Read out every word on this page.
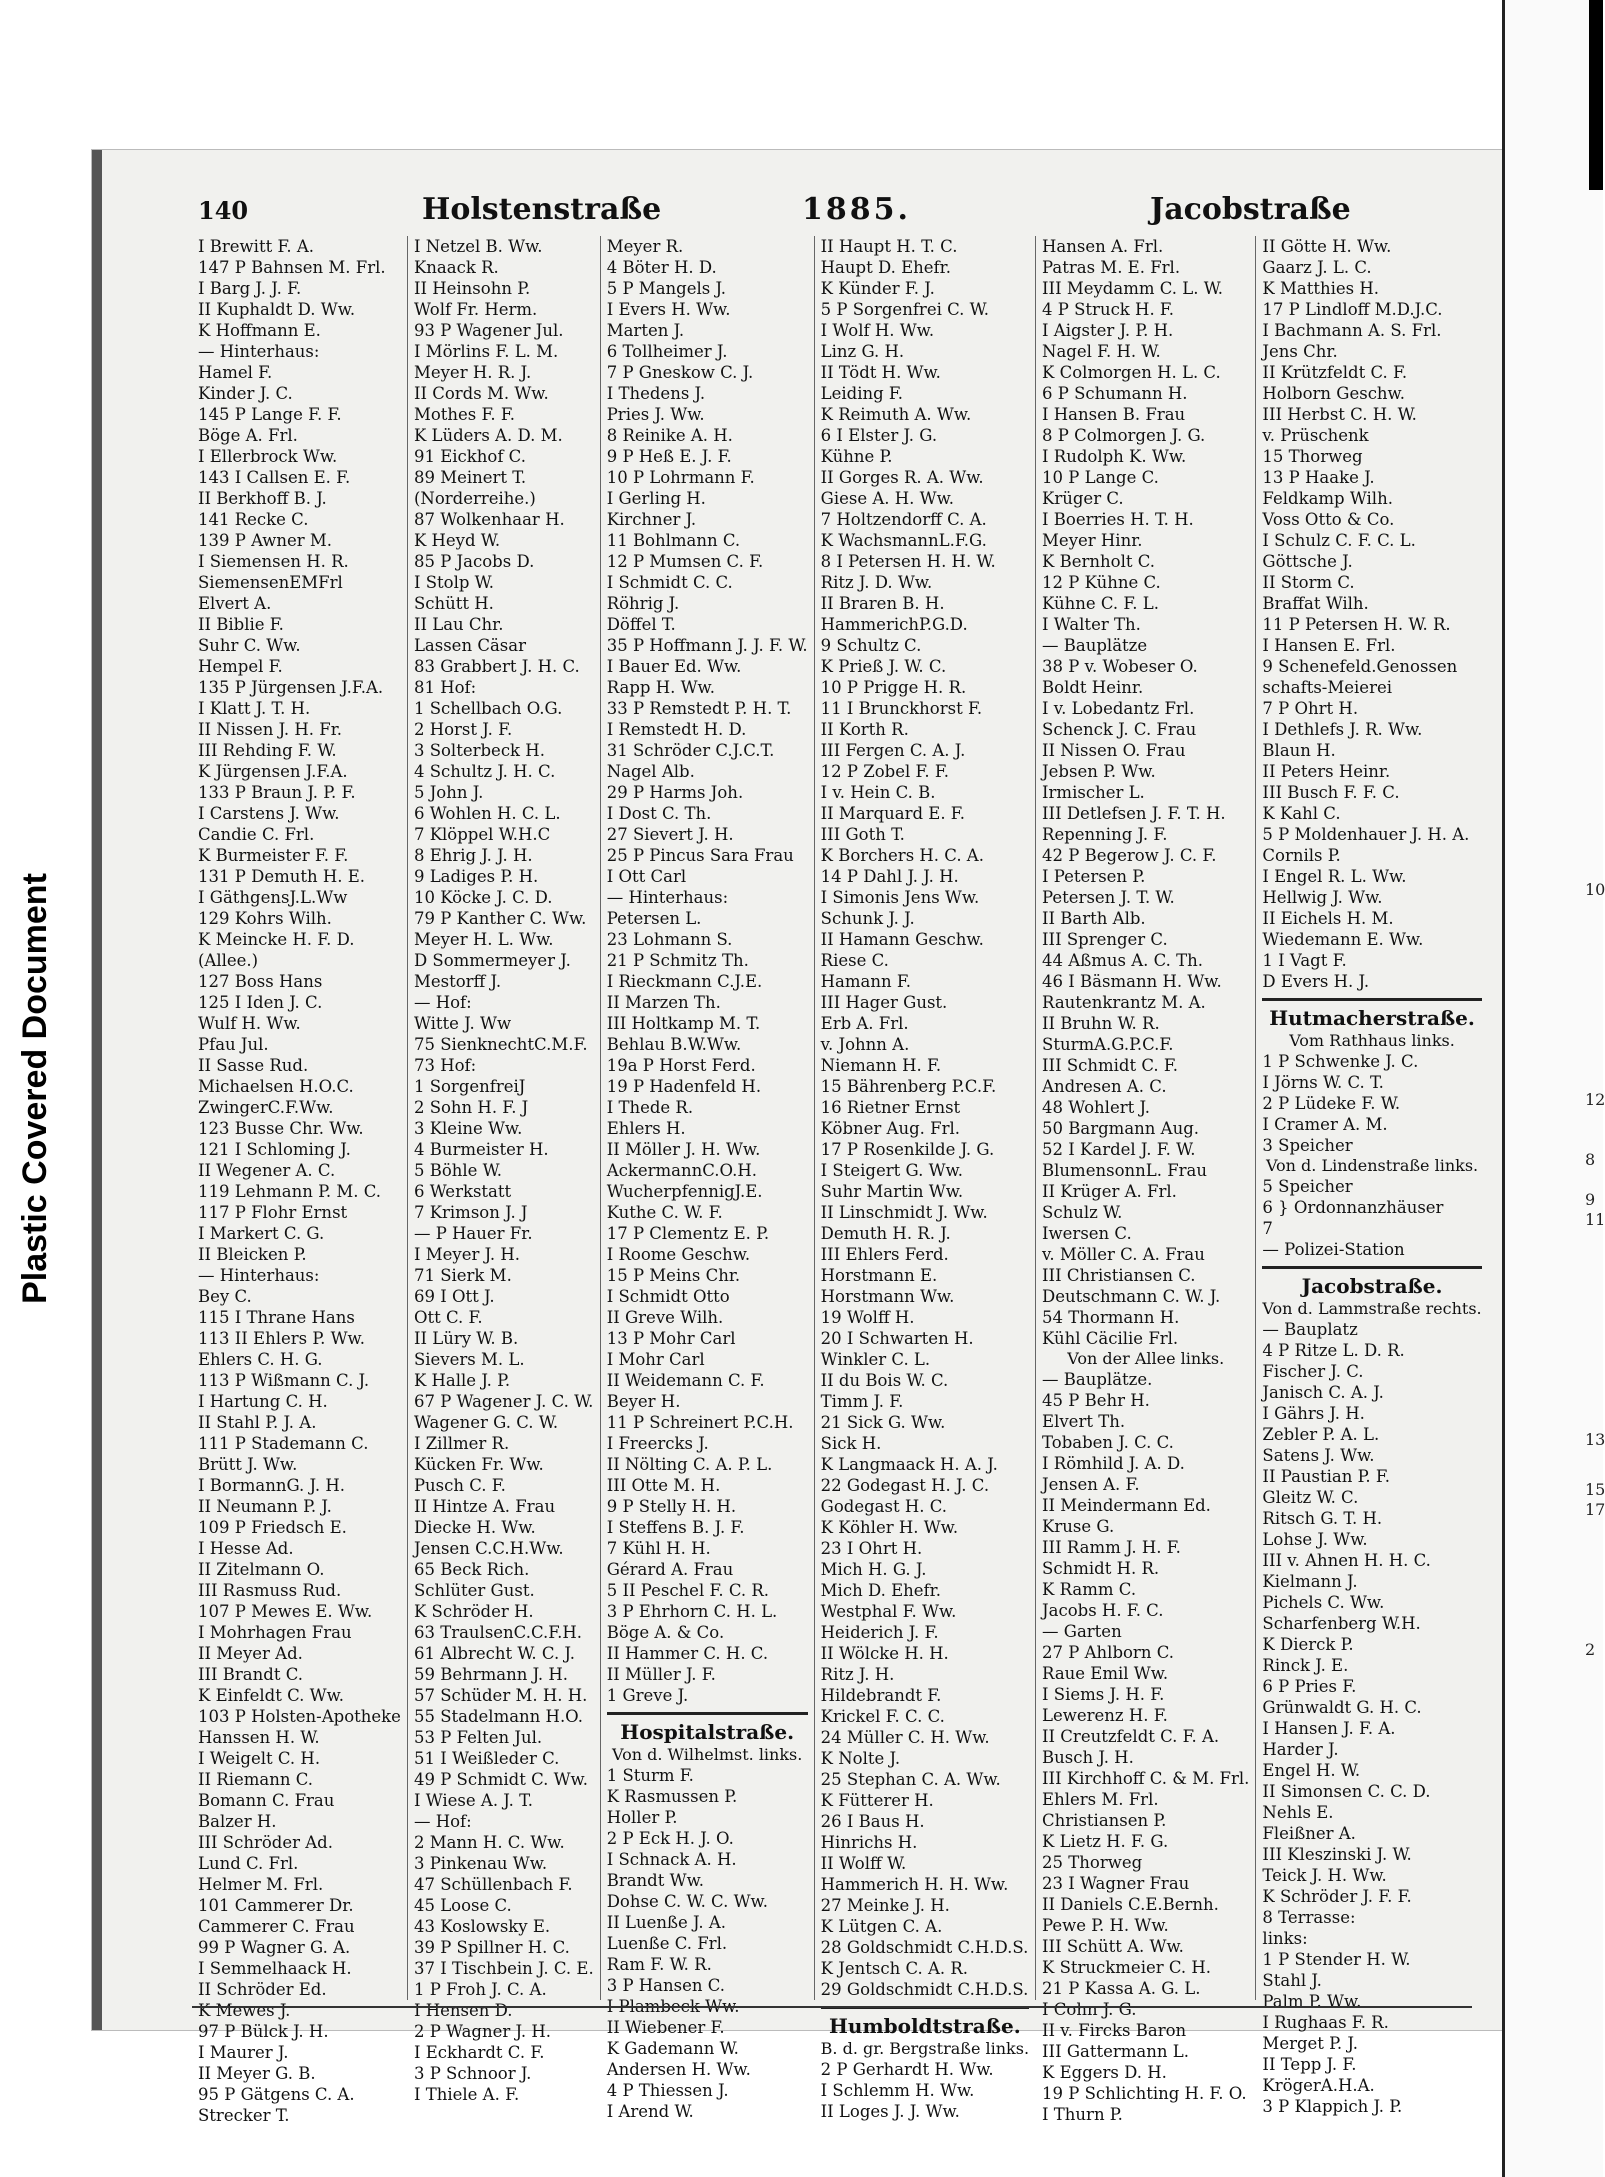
Plastic Covered Document
140	Holstenstraße	1885.	Jacobstraße
I Brewitt F. A.
147 P Bahnsen M. Frl.
I Barg J. J. F.
II Kuphaldt D. Ww.
K Hoffmann E.
— Hinterhaus:
Hamel F.
Kinder J. C.
145 P Lange F. F.
Böge A. Frl.
I Ellerbrock Ww.
143 I Callsen E. F.
II Berkhoff B. J.
141 Recke C.
139 P Awner M.
I Siemensen H. R.
SiemensenEMFrl
Elvert A.
II Biblie F.
Suhr C. Ww.
Hempel F.
135 P Jürgensen J.F.A.
I Klatt J. T. H.
II Nissen J. H. Fr.
III Rehding F. W.
K Jürgensen J.F.A.
133 P Braun J. P. F.
I Carstens J. Ww.
Candie C. Frl.
K Burmeister F. F.
131 P Demuth H. E.
I GäthgensJ.L.Ww
129 Kohrs Wilh.
K Meincke H. F. D.
(Allee.)
127 Boss Hans
125 I Iden J. C.
Wulf H. Ww.
Pfau Jul.
II Sasse Rud.
Michaelsen H.O.C.
ZwingerC.F.Ww.
123 Busse Chr. Ww.
121 I Schloming J.
II Wegener A. C.
119 Lehmann P. M. C.
117 P Flohr Ernst
I Markert C. G.
II Bleicken P.
— Hinterhaus:
Bey C.
115 I Thrane Hans
113 II Ehlers P. Ww.
Ehlers C. H. G.
113 P Wißmann C. J.
I Hartung C. H.
II Stahl P. J. A.
111 P Stademann C.
Brütt J. Ww.
I BormannG. J. H.
II Neumann P. J.
109 P Friedsch E.
I Hesse Ad.
II Zitelmann O.
III Rasmuss Rud.
107 P Mewes E. Ww.
I Mohrhagen Frau
II Meyer Ad.
III Brandt C.
K Einfeldt C. Ww.
103 P Holsten-Apotheke
Hanssen H. W.
I Weigelt C. H.
II Riemann C.
Bomann C. Frau
Balzer H.
III Schröder Ad.
Lund C. Frl.
Helmer M. Frl.
101 Cammerer Dr.
Cammerer C. Frau
99 P Wagner G. A.
I Semmelhaack H.
II Schröder Ed.
K Mewes J.
97 P Bülck J. H.
I Maurer J.
II Meyer G. B.
95 P Gätgens C. A.
Strecker T.
I Netzel B. Ww.
Knaack R.
II Heinsohn P.
Wolf Fr. Herm.
93 P Wagener Jul.
I Mörlins F. L. M.
Meyer H. R. J.
II Cords M. Ww.
Mothes F. F.
K Lüders A. D. M.
91 Eickhof C.
89 Meinert T.
(Norderreihe.)
87 Wolkenhaar H.
K Heyd W.
85 P Jacobs D.
I Stolp W.
Schütt H.
II Lau Chr.
Lassen Cäsar
83 Grabbert J. H. C.
81 Hof:
1 Schellbach O.G.
2 Horst J. F.
3 Solterbeck H.
4 Schultz J. H. C.
5 John J.
6 Wohlen H. C. L.
7 Klöppel W.H.C
8 Ehrig J. J. H.
9 Ladiges P. H.
10 Köcke J. C. D.
79 P Kanther C. Ww.
Meyer H. L. Ww.
D Sommermeyer J.
Mestorff J.
— Hof:
Witte J. Ww
75 SienknechtC.M.F.
73 Hof:
1 SorgenfreiJ
2 Sohn H. F. J
3 Kleine Ww.
4 Burmeister H.
5 Böhle W.
6 Werkstatt
7 Krimson J. J
— P Hauer Fr.
I Meyer J. H.
71 Sierk M.
69 I Ott J.
Ott C. F.
II Lüry W. B.
Sievers M. L.
K Halle J. P.
67 P Wagener J. C. W.
Wagener G. C. W.
I Zillmer R.
Kücken Fr. Ww.
Pusch C. F.
II Hintze A. Frau
Diecke H. Ww.
Jensen C.C.H.Ww.
65 Beck Rich.
Schlüter Gust.
K Schröder H.
63 TraulsenC.C.F.H.
61 Albrecht W. C. J.
59 Behrmann J. H.
57 Schüder M. H. H.
55 Stadelmann H.O.
53 P Felten Jul.
51 I Weißleder C.
49 P Schmidt C. Ww.
I Wiese A. J. T.
— Hof:
2 Mann H. C. Ww.
3 Pinkenau Ww.
47 Schüllenbach F.
45 Loose C.
43 Koslowsky E.
39 P Spillner H. C.
37 I Tischbein J. C. E.
1 P Froh J. C. A.
I Hensen D.
2 P Wagner J. H.
I Eckhardt C. F.
3 P Schnoor J.
I Thiele A. F.
Meyer R.
4 Böter H. D.
5 P Mangels J.
I Evers H. Ww.
Marten J.
6 Tollheimer J.
7 P Gneskow C. J.
I Thedens J.
Pries J. Ww.
8 Reinike A. H.
9 P Heß E. J. F.
10 P Lohrmann F.
I Gerling H.
Kirchner J.
11 Bohlmann C.
12 P Mumsen C. F.
I Schmidt C. C.
Röhrig J.
Döffel T.
35 P Hoffmann J. J. F. W.
I Bauer Ed. Ww.
Rapp H. Ww.
33 P Remstedt P. H. T.
I Remstedt H. D.
31 Schröder C.J.C.T.
Nagel Alb.
29 P Harms Joh.
I Dost C. Th.
27 Sievert J. H.
25 P Pincus Sara Frau
I Ott Carl
— Hinterhaus:
Petersen L.
23 Lohmann S.
21 P Schmitz Th.
I Rieckmann C.J.E.
II Marzen Th.
III Holtkamp M. T.
Behlau B.W.Ww.
19a P Horst Ferd.
19 P Hadenfeld H.
I Thede R.
Ehlers H.
II Möller J. H. Ww.
AckermannC.O.H.
WucherpfennigJ.E.
Kuthe C. W. F.
17 P Clementz E. P.
I Roome Geschw.
15 P Meins Chr.
I Schmidt Otto
II Greve Wilh.
13 P Mohr Carl
I Mohr Carl
II Weidemann C. F.
Beyer H.
11 P Schreinert P.C.H.
I Freercks J.
II Nölting C. A. P. L.
III Otte M. H.
9 P Stelly H. H.
I Steffens B. J. F.
7 Kühl H. H.
Gérard A. Frau
5 II Peschel F. C. R.
3 P Ehrhorn C. H. L.
Böge A. & Co.
II Hammer C. H. C.
II Müller J. F.
1 Greve J.
Hospitalstraße.
Von d. Wilhelmst. links.
1 Sturm F.
K Rasmussen P.
Holler P.
2 P Eck H. J. O.
I Schnack A. H.
Brandt Ww.
Dohse C. W. C. Ww.
II Luenße J. A.
Luenße C. Frl.
Ram F. W. R.
3 P Hansen C.
I Plambeck Ww.
II Wiebener F.
K Gademann W.
Andersen H. Ww.
4 P Thiessen J.
I Arend W.
II Haupt H. T. C.
Haupt D. Ehefr.
K Künder F. J.
5 P Sorgenfrei C. W.
I Wolf H. Ww.
Linz G. H.
II Tödt H. Ww.
Leiding F.
K Reimuth A. Ww.
6 I Elster J. G.
Kühne P.
II Gorges R. A. Ww.
Giese A. H. Ww.
7 Holtzendorff C. A.
K WachsmannL.F.G.
8 I Petersen H. H. W.
Ritz J. D. Ww.
II Braren B. H.
HammerichP.G.D.
9 Schultz C.
K Prieß J. W. C.
10 P Prigge H. R.
11 I Brunckhorst F.
II Korth R.
III Fergen C. A. J.
12 P Zobel F. F.
I v. Hein C. B.
II Marquard E. F.
III Goth T.
K Borchers H. C. A.
14 P Dahl J. J. H.
I Simonis Jens Ww.
Schunk J. J.
II Hamann Geschw.
Riese C.
Hamann F.
III Hager Gust.
Erb A. Frl.
v. Johnn A.
Niemann H. F.
15 Bährenberg P.C.F.
16 Rietner Ernst
Köbner Aug. Frl.
17 P Rosenkilde J. G.
I Steigert G. Ww.
Suhr Martin Ww.
II Linschmidt J. Ww.
Demuth H. R. J.
III Ehlers Ferd.
Horstmann E.
Horstmann Ww.
19 Wolff H.
20 I Schwarten H.
Winkler C. L.
II du Bois W. C.
Timm J. F.
21 Sick G. Ww.
Sick H.
K Langmaack H. A. J.
22 Godegast H. J. C.
Godegast H. C.
K Köhler H. Ww.
23 I Ohrt H.
Mich H. G. J.
Mich D. Ehefr.
Westphal F. Ww.
Heiderich J. F.
II Wölcke H. H.
Ritz J. H.
Hildebrandt F.
Krickel F. C. C.
24 Müller C. H. Ww.
K Nolte J.
25 Stephan C. A. Ww.
K Fütterer H.
26 I Baus H.
Hinrichs H.
II Wolff W.
Hammerich H. H. Ww.
27 Meinke J. H.
K Lütgen C. A.
28 Goldschmidt C.H.D.S.
K Jentsch C. A. R.
29 Goldschmidt C.H.D.S.
Humboldtstraße.
B. d. gr. Bergstraße links.
2 P Gerhardt H. Ww.
I Schlemm H. Ww.
II Loges J. J. Ww.
Hansen A. Frl.
Patras M. E. Frl.
III Meydamm C. L. W.
4 P Struck H. F.
I Aigster J. P. H.
Nagel F. H. W.
K Colmorgen H. L. C.
6 P Schumann H.
I Hansen B. Frau
8 P Colmorgen J. G.
I Rudolph K. Ww.
10 P Lange C.
Krüger C.
I Boerries H. T. H.
Meyer Hinr.
K Bernholt C.
12 P Kühne C.
Kühne C. F. L.
I Walter Th.
— Bauplätze
38 P v. Wobeser O.
Boldt Heinr.
I v. Lobedantz Frl.
Schenck J. C. Frau
II Nissen O. Frau
Jebsen P. Ww.
Irmischer L.
III Detlefsen J. F. T. H.
Repenning J. F.
42 P Begerow J. C. F.
I Petersen P.
Petersen J. T. W.
II Barth Alb.
III Sprenger C.
44 Aßmus A. C. Th.
46 I Bäsmann H. Ww.
Rautenkrantz M. A.
II Bruhn W. R.
SturmA.G.P.C.F.
III Schmidt C. F.
Andresen A. C.
48 Wohlert J.
50 Bargmann Aug.
52 I Kardel J. F. W.
BlumensonnL. Frau
II Krüger A. Frl.
Schulz W.
Iwersen C.
v. Möller C. A. Frau
III Christiansen C.
Deutschmann C. W. J.
54 Thormann H.
Kühl Cäcilie Frl.
Von der Allee links.
— Bauplätze.
45 P Behr H.
Elvert Th.
Tobaben J. C. C.
I Römhild J. A. D.
Jensen A. F.
II Meindermann Ed.
Kruse G.
III Ramm J. H. F.
Schmidt H. R.
K Ramm C.
Jacobs H. F. C.
— Garten
27 P Ahlborn C.
Raue Emil Ww.
I Siems J. H. F.
Lewerenz H. F.
II Creutzfeldt C. F. A.
Busch J. H.
III Kirchhoff C. & M. Frl.
Ehlers M. Frl.
Christiansen P.
K Lietz H. F. G.
25 Thorweg
23 I Wagner Frau
II Daniels C.E.Bernh.
Pewe P. H. Ww.
III Schütt A. Ww.
K Struckmeier C. H.
21 P Kassa A. G. L.
I Cohn J. G.
II v. Fircks Baron
III Gattermann L.
K Eggers D. H.
19 P Schlichting H. F. O.
I Thurn P.
II Götte H. Ww.
Gaarz J. L. C.
K Matthies H.
17 P Lindloff M.D.J.C.
I Bachmann A. S. Frl.
Jens Chr.
II Krützfeldt C. F.
Holborn Geschw.
III Herbst C. H. W.
v. Prüschenk
15 Thorweg
13 P Haake J.
Feldkamp Wilh.
Voss Otto & Co.
I Schulz C. F. C. L.
Göttsche J.
II Storm C.
Braffat Wilh.
11 P Petersen H. W. R.
I Hansen E. Frl.
9 Schenefeld.Genossen
schafts-Meierei
7 P Ohrt H.
I Dethlefs J. R. Ww.
Blaun H.
II Peters Heinr.
III Busch F. F. C.
K Kahl C.
5 P Moldenhauer J. H. A.
Cornils P.
I Engel R. L. Ww.
Hellwig J. Ww.
II Eichels H. M.
Wiedemann E. Ww.
1 I Vagt F.
D Evers H. J.
Hutmacherstraße.
Vom Rathhaus links.
1 P Schwenke J. C.
I Jörns W. C. T.
2 P Lüdeke F. W.
I Cramer A. M.
3 Speicher
Von d. Lindenstraße links.
5 Speicher
6 } Ordonnanzhäuser
7
— Polizei-Station
Jacobstraße.
Von d. Lammstraße rechts.
— Bauplatz
4 P Ritze L. D. R.
Fischer J. C.
Janisch C. A. J.
I Gährs J. H.
Zebler P. A. L.
Satens J. Ww.
II Paustian P. F.
Gleitz W. C.
Ritsch G. T. H.
Lohse J. Ww.
III v. Ahnen H. H. C.
Kielmann J.
Pichels C. Ww.
Scharfenberg W.H.
K Dierck P.
Rinck J. E.
6 P Pries F.
Grünwaldt G. H. C.
I Hansen J. F. A.
Harder J.
Engel H. W.
II Simonsen C. C. D.
Nehls E.
Fleißner A.
III Kleszinski J. W.
Teick J. H. Ww.
K Schröder J. F. F.
8 Terrasse:
links:
1 P Stender H. W.
Stahl J.
Palm P. Ww.
I Rughaas F. R.
Merget P. J.
II Tepp J. F.
KrögerA.H.A.
3 P Klappich J. P.
10
12
8
9
11
13
15
17
2
